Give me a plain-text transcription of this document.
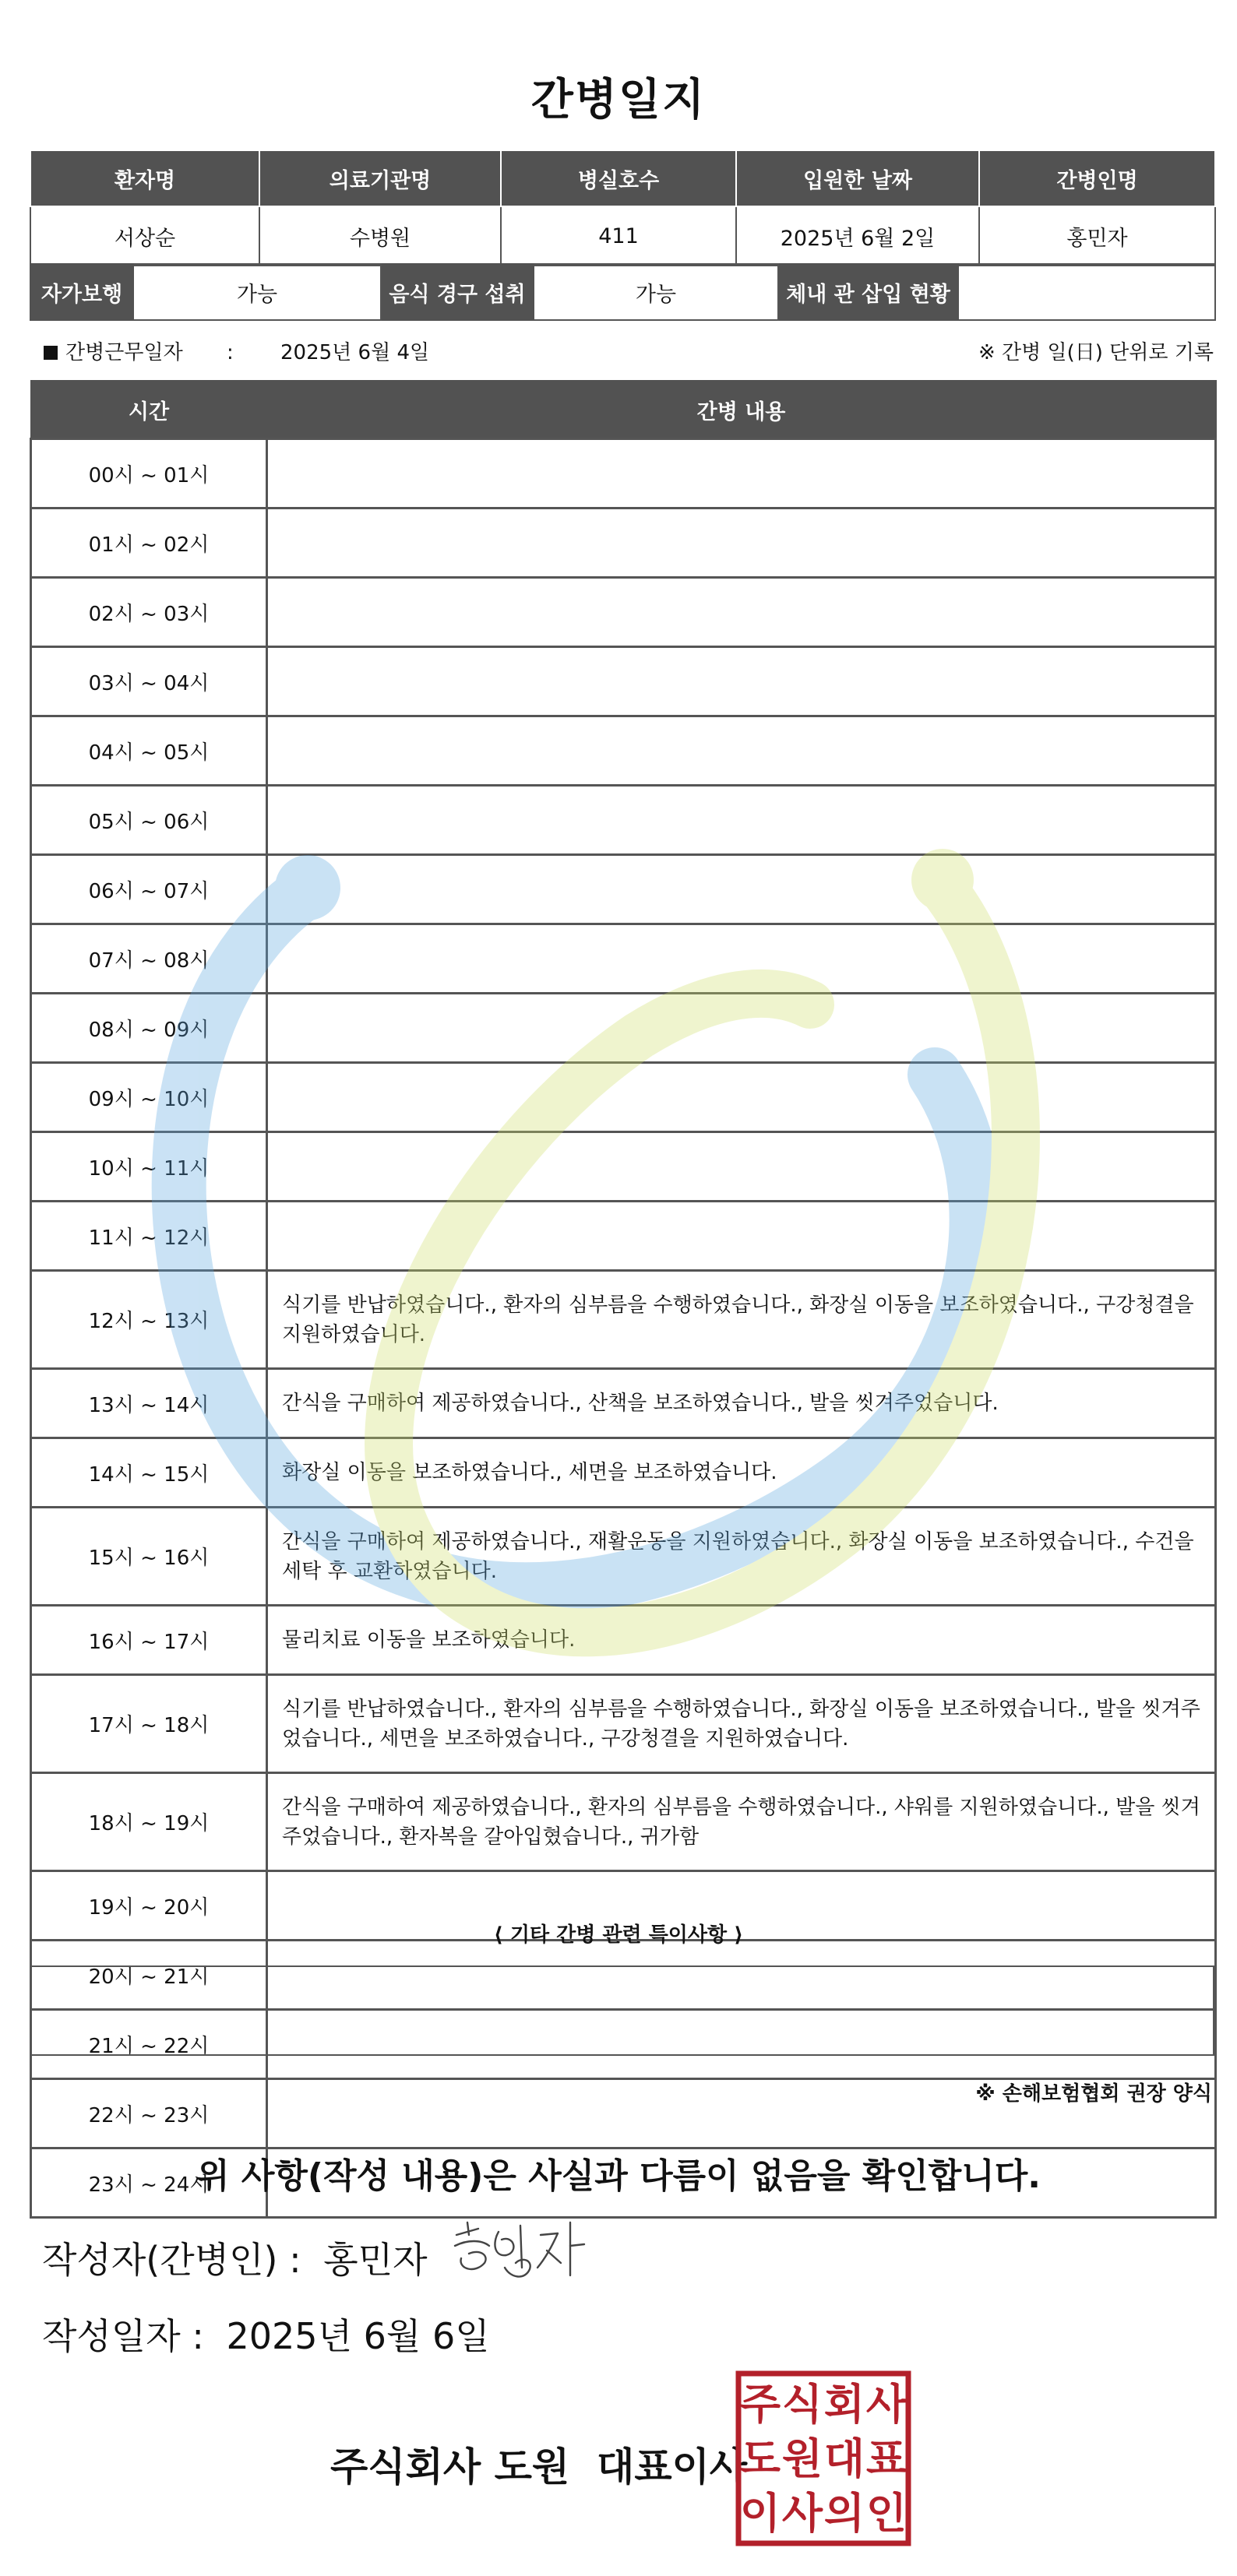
간병일지
환자명	의료기관명	병실호수	입원한 날짜	간병인명
서상순	수병원	411	2025년 6월 2일	홍민자
자가보행	가능	음식 경구 섭취	가능	체내 관 삽입 현황	
간병근무일자 : 2025년 6월 4일	※ 간병 일(日) 단위로 기록
시간	간병 내용
00시 ~ 01시	
01시 ~ 02시	
02시 ~ 03시	
03시 ~ 04시	
04시 ~ 05시	
05시 ~ 06시	
06시 ~ 07시	
07시 ~ 08시	
08시 ~ 09시	
09시 ~ 10시	
10시 ~ 11시	
11시 ~ 12시	
12시 ~ 13시	식기를 반납하였습니다., 환자의 심부름을 수행하였습니다., 화장실 이동을 보조하였습니다., 구강청결을 지원하였습니다.
13시 ~ 14시	간식을 구매하여 제공하였습니다., 산책을 보조하였습니다., 발을 씻겨주었습니다.
14시 ~ 15시	화장실 이동을 보조하였습니다., 세면을 보조하였습니다.
15시 ~ 16시	간식을 구매하여 제공하였습니다., 재활운동을 지원하였습니다., 화장실 이동을 보조하였습니다., 수건을 세탁 후 교환하였습니다.
16시 ~ 17시	물리치료 이동을 보조하였습니다.
17시 ~ 18시	식기를 반납하였습니다., 환자의 심부름을 수행하였습니다., 화장실 이동을 보조하였습니다., 발을 씻겨주었습니다., 세면을 보조하였습니다., 구강청결을 지원하였습니다.
18시 ~ 19시	간식을 구매하여 제공하였습니다., 환자의 심부름을 수행하였습니다., 샤워를 지원하였습니다., 발을 씻겨주었습니다., 환자복을 갈아입혔습니다., 귀가함
19시 ~ 20시	
20시 ~ 21시	
21시 ~ 22시	
22시 ~ 23시	
23시 ~ 24시	
⟨ 기타 간병 관련 특이사항 ⟩
※ 손해보험협회 권장 양식
위 사항(작성 내용)은 사실과 다름이 없음을 확인합니다.
작성자(간병인) : 홍민자
작성일자 : 2025년 6월 6일
주식회사 도원  대표이사
주 식 회 사
도 원 대 표
이 사 의 인
